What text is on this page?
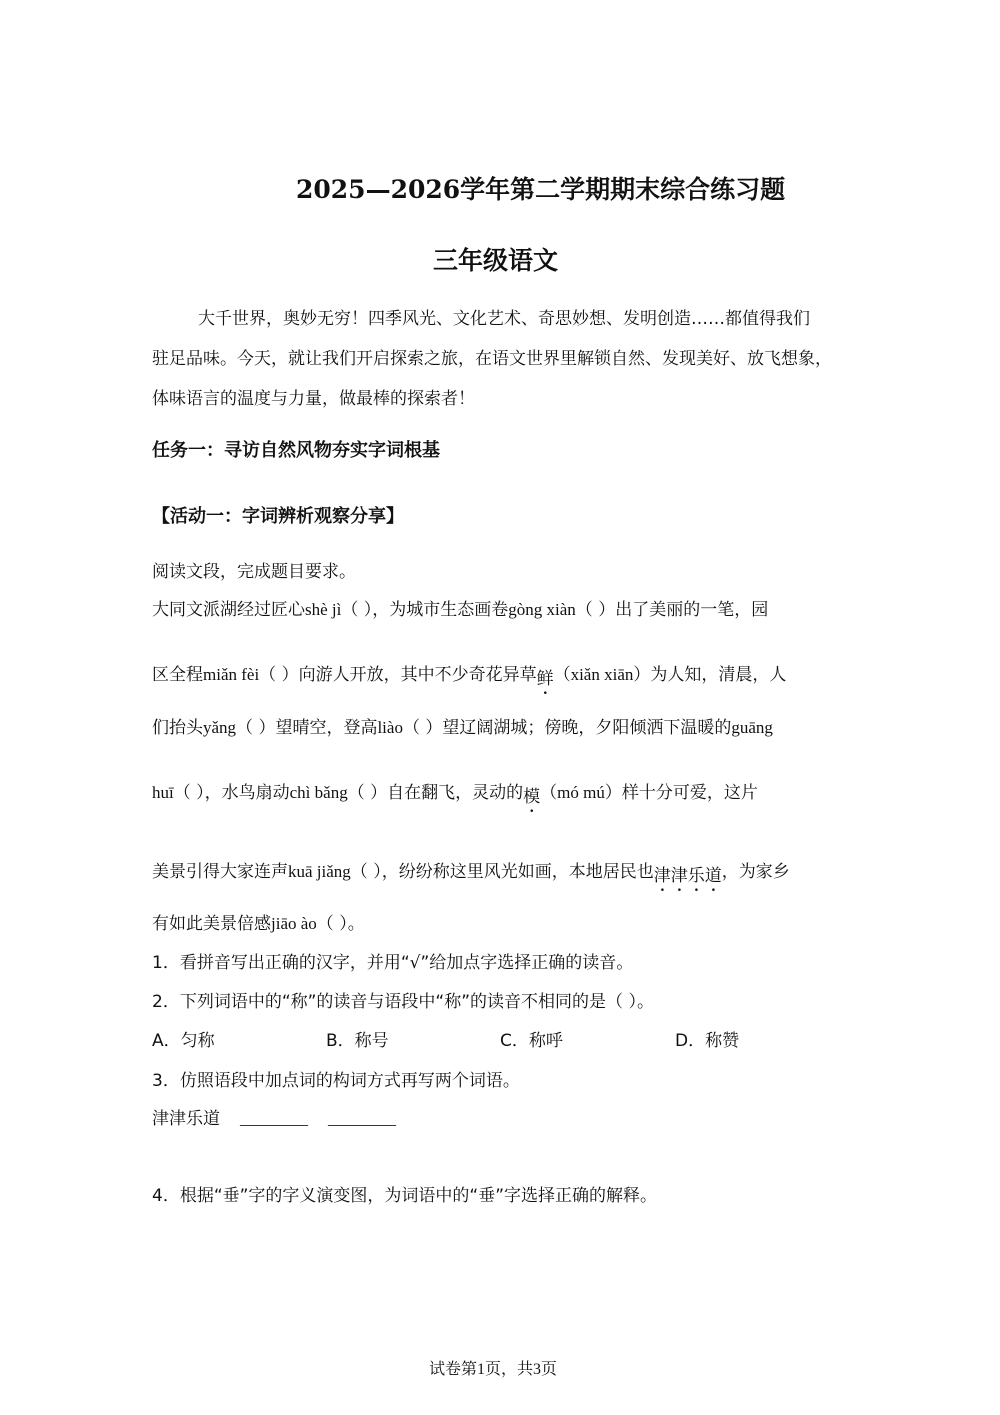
2025—2026学年第二学期期末综合练习题
三年级语文
大千世界，奥妙无穷！四季风光、文化艺术、奇思妙想、发明创造……都值得我们
驻足品味。今天，就让我们开启探索之旅，在语文世界里解锁自然、发现美好、放飞想象，
体味语言的温度与力量，做最棒的探索者！
任务一：寻访自然风物夯实字词根基
【活动一：字词辨析观察分享】
阅读文段，完成题目要求。
大同文派湖经过匠心shè jì（ ），为城市生态画卷gòng xiàn（ ）出了美丽的一笔，园
区全程miǎn fèi（ ）向游人开放，其中不少奇花异草鲜（xiǎn xiān）为人知，清晨，人
们抬头yǎng（ ）望晴空，登高liào（ ）望辽阔湖城；傍晚，夕阳倾洒下温暖的guāng
huī（ ），水鸟扇动chì bǎng（ ）自在翻飞，灵动的模（mó mú）样十分可爱，这片
美景引得大家连声kuā jiǎng（ ），纷纷称这里风光如画，本地居民也津津乐道，为家乡
有如此美景倍感jiāo ào（ ）。
1．看拼音写出正确的汉字，并用“√”给加点字选择正确的读音。
2．下列词语中的“称”的读音与语段中“称”的读音不相同的是（ ）。
A．匀称	B．称号	C．称呼	D．称赞
3．仿照语段中加点词的构词方式再写两个词语。
津津乐道 ________ ________
4．根据“垂”字的字义演变图，为词语中的“垂”字选择正确的解释。
试卷第1页，共3页
